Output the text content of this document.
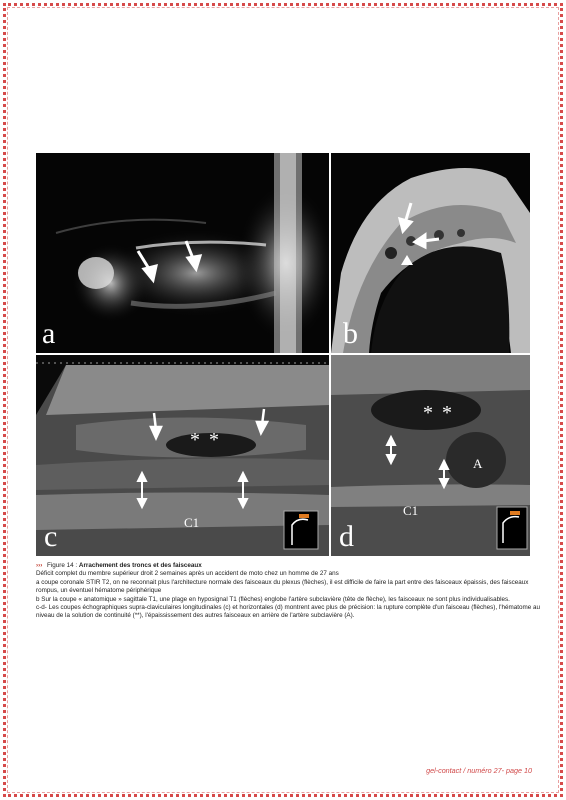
a	b
* *
C1
c
* *
A
C1
d

››› Figure 14 : Arrachement des troncs et des faisceaux

Déficit complet du membre supérieur droit 2 semaines après un accident de moto chez un homme de 27 ans

a coupe coronale STIR T2, on ne reconnait plus l'architecture normale des faisceaux du plexus (flèches), il est difficile de faire la part entre des faisceaux épaissis, des faisceaux rompus, un éventuel hématome périphérique

b Sur la coupe « anatomique » sagittale T1, une plage en hyposignal T1 (flèches) englobe l'artère subclavière (tête de flèche), les faisceaux ne sont plus individualisables.

c-d- Les coupes échographiques supra-claviculaires longitudinales (c) et horizontales (d) montrent avec plus de précision: la rupture complète d'un faisceau (flèches), l'hématome au niveau de la solution de continuité (**), l'épaississement des autres faisceaux en arrière de l'artère subclavière (A).

gel-contact / numéro 27- page 10
